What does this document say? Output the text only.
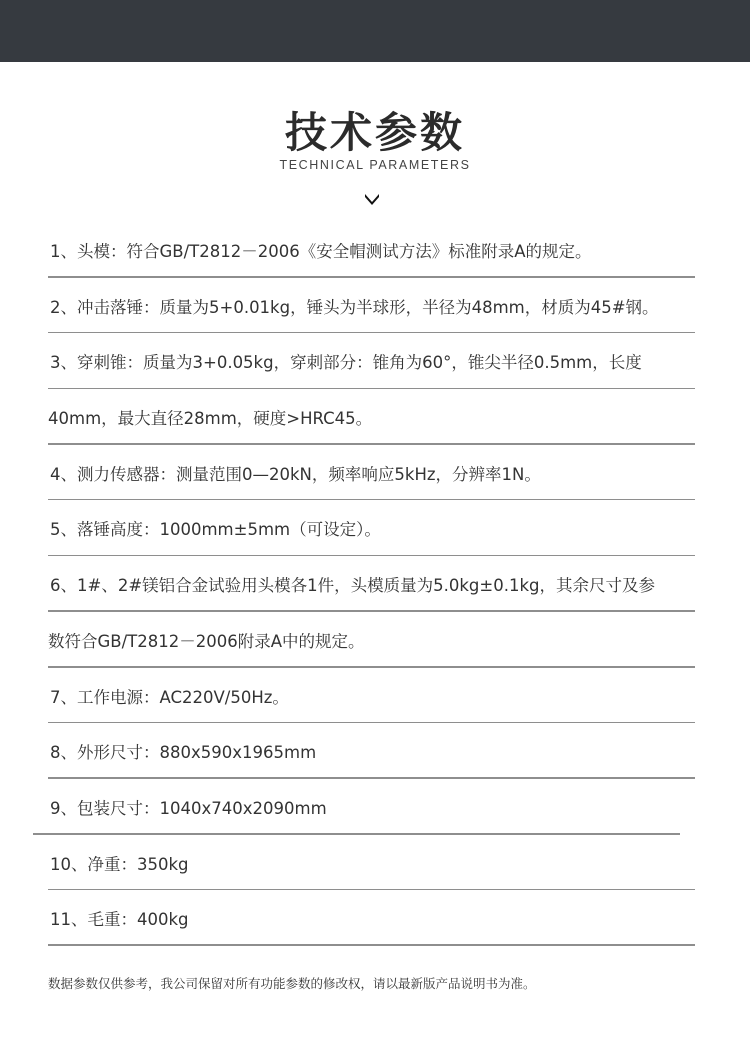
技术参数
TECHNICAL PARAMETERS
1、头模：符合GB/T2812－2006《安全帽测试方法》标准附录A的规定。
2、冲击落锤：质量为5+0.01kg，锤头为半球形，半径为48mm，材质为45#钢。
3、穿刺锥：质量为3+0.05kg，穿刺部分：锥角为60°，锥尖半径0.5mm，长度
40mm，最大直径28mm，硬度>HRC45。
4、测力传感器：测量范围0—20kN，频率响应5kHz，分辨率1N。
5、落锤高度：1000mm±5mm（可设定）。
6、1#、2#镁铝合金试验用头模各1件，头模质量为5.0kg±0.1kg，其余尺寸及参
数符合GB/T2812－2006附录A中的规定。
7、工作电源：AC220V/50Hz。
8、外形尺寸：880x590x1965mm
9、包装尺寸：1040x740x2090mm
10、净重：350kg
11、毛重：400kg
数据参数仅供参考，我公司保留对所有功能参数的修改权，请以最新版产品说明书为准。
